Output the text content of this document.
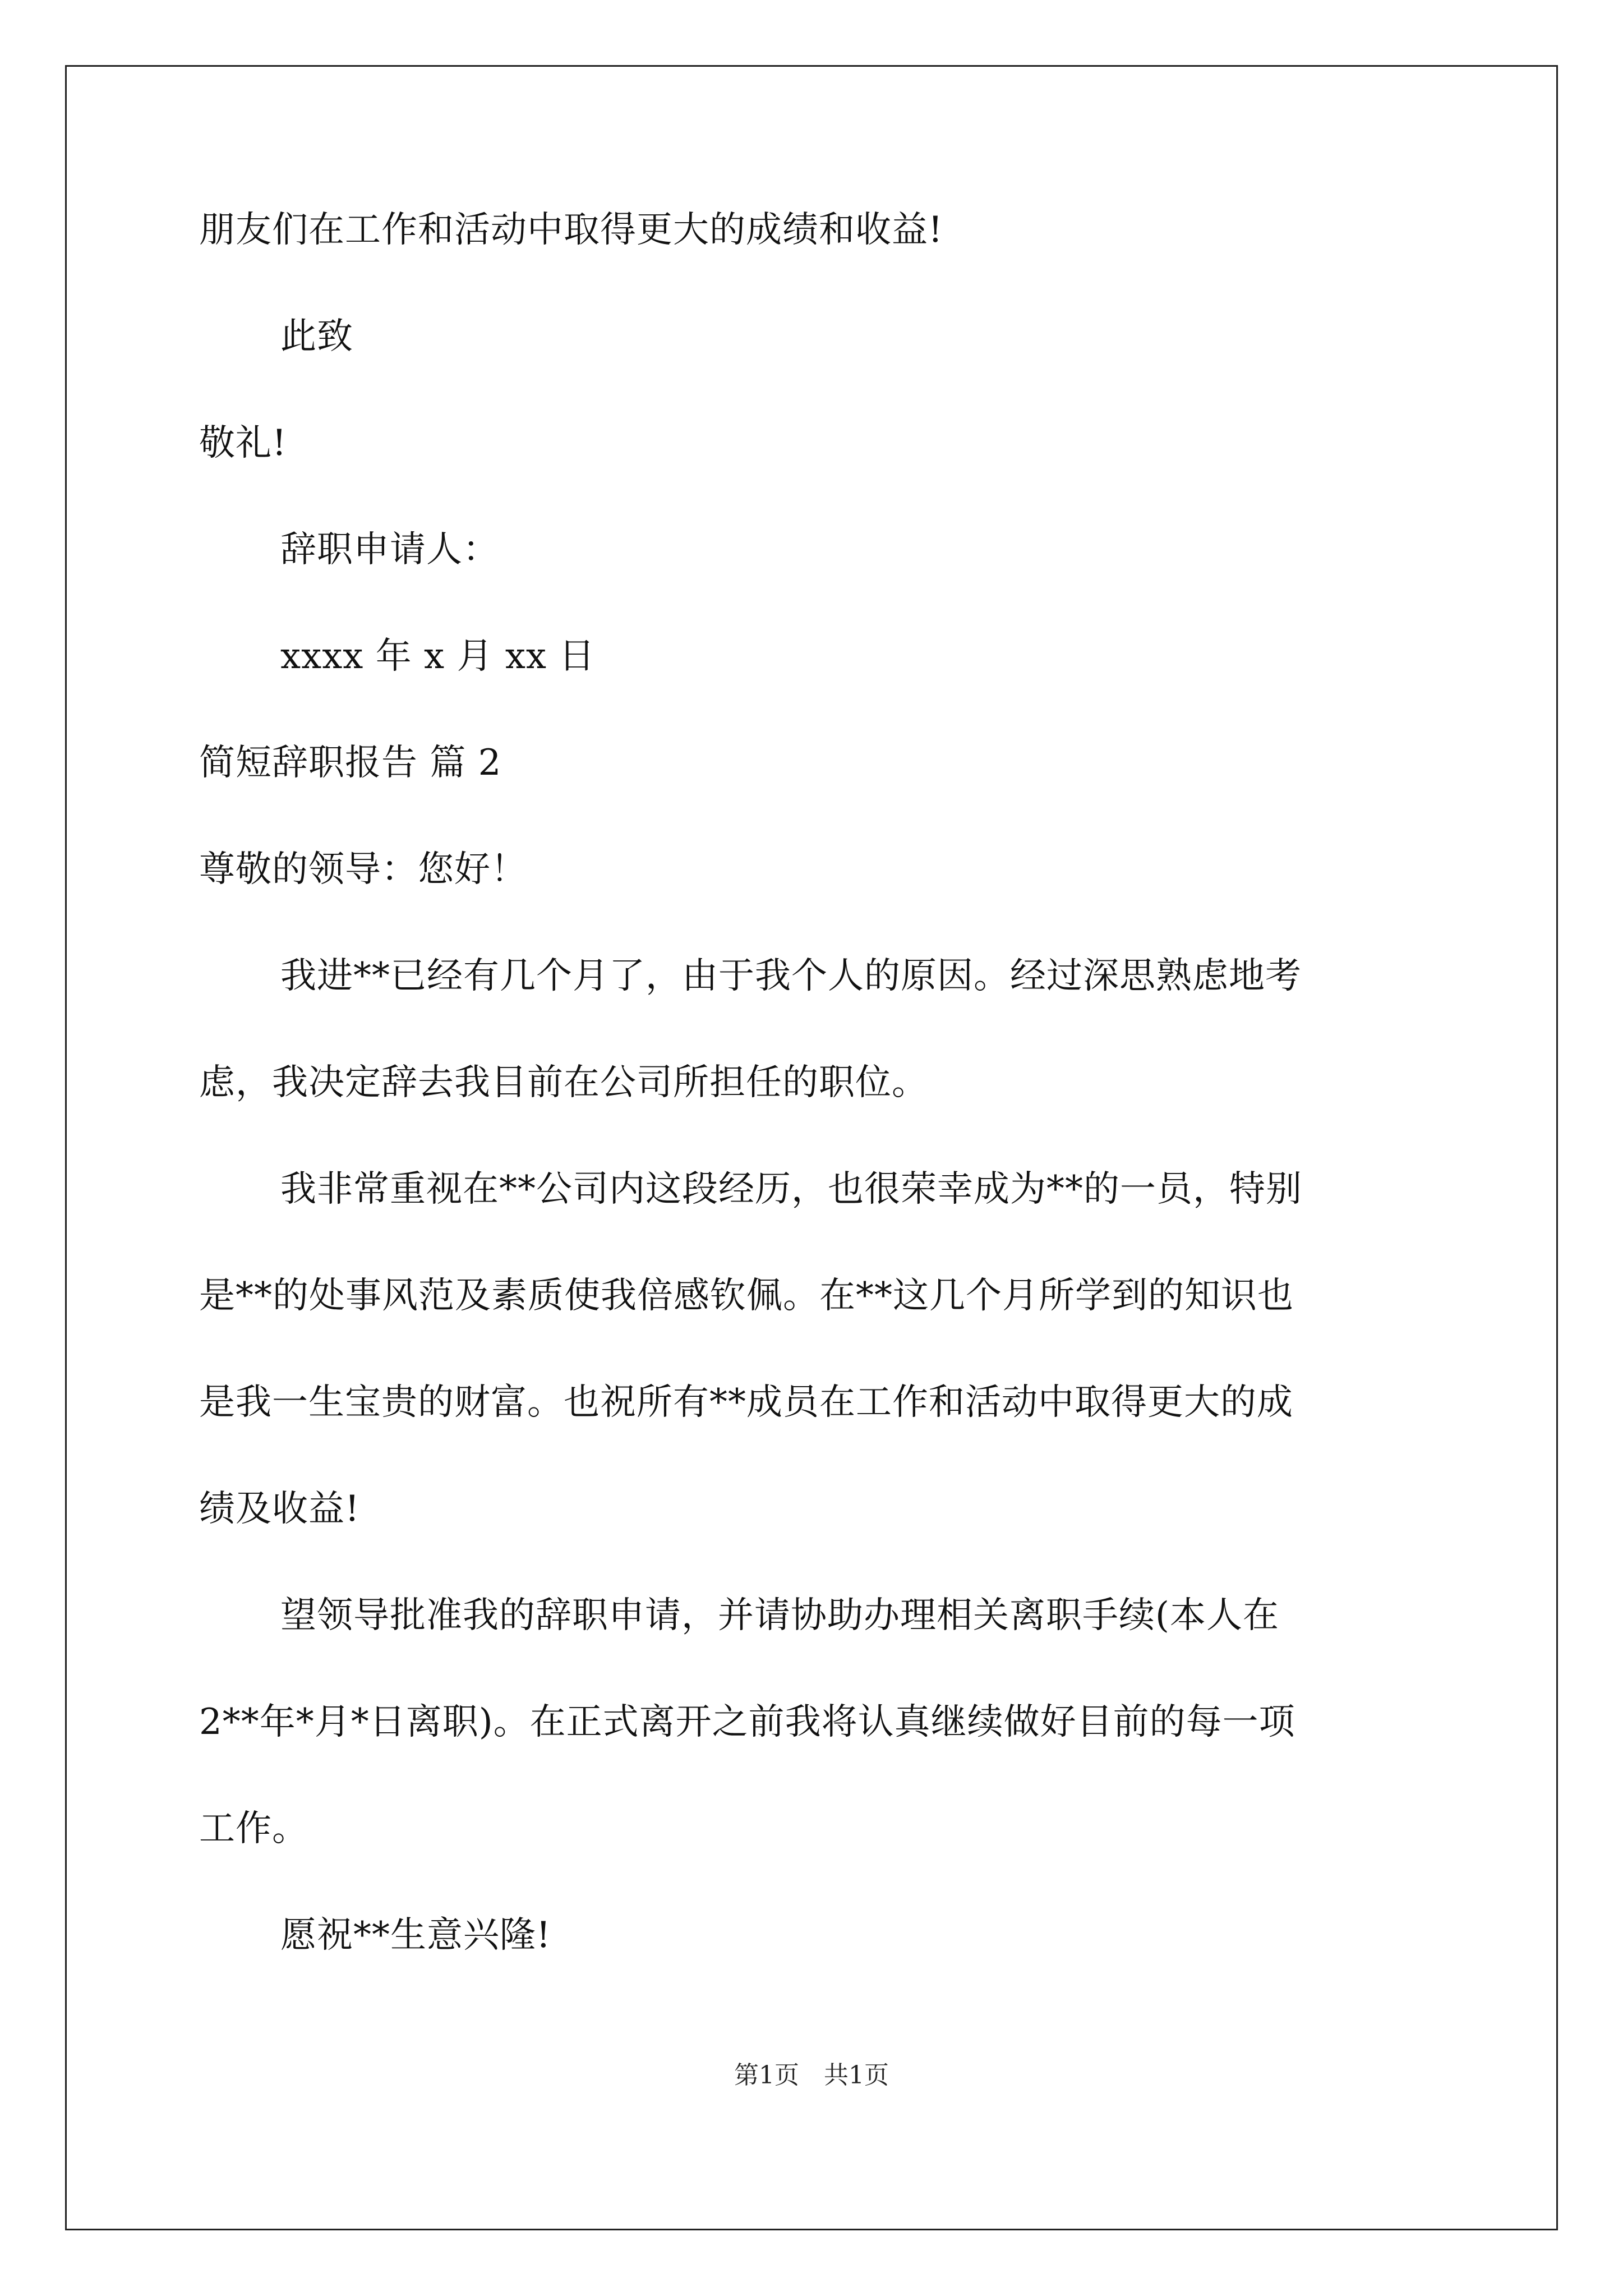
朋友们在工作和活动中取得更大的成绩和收益!
此致
敬礼!
辞职申请人：
xxxx 年 x 月 xx 日
简短辞职报告 篇 2
尊敬的领导：您好！
我进**已经有几个月了，由于我个人的原因。经过深思熟虑地考
虑，我决定辞去我目前在公司所担任的职位。
我非常重视在**公司内这段经历，也很荣幸成为**的一员，特别
是**的处事风范及素质使我倍感钦佩。在**这几个月所学到的知识也
是我一生宝贵的财富。也祝所有**成员在工作和活动中取得更大的成
绩及收益!
望领导批准我的辞职申请，并请协助办理相关离职手续(本人在
2**年*月*日离职)。在正式离开之前我将认真继续做好目前的每一项
工作。
愿祝**生意兴隆!
第1页　共1页
